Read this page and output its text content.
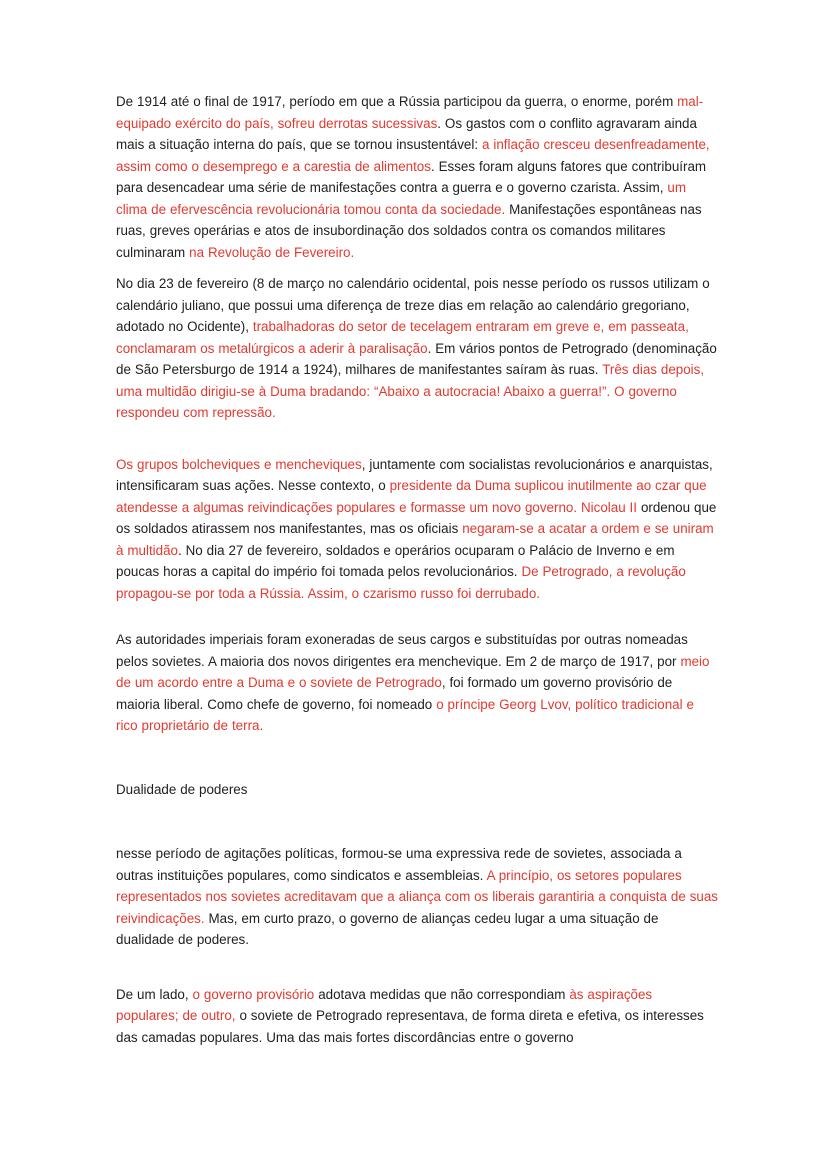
De 1914 até o final de 1917, período em que a Rússia participou da guerra, o enorme, porém mal-equipado exército do país, sofreu derrotas sucessivas. Os gastos com o conflito agravaram ainda mais a situação interna do país, que se tornou insustentável: a inflação cresceu desenfreadamente, assim como o desemprego e a carestia de alimentos. Esses foram alguns fatores que contribuíram para desencadear uma série de manifestações contra a guerra e o governo czarista. Assim, um clima de efervescência revolucionária tomou conta da sociedade. Manifestações espontâneas nas ruas, greves operárias e atos de insubordinação dos soldados contra os comandos militares culminaram na Revolução de Fevereiro.
No dia 23 de fevereiro (8 de março no calendário ocidental, pois nesse período os russos utilizam o calendário juliano, que possui uma diferença de treze dias em relação ao calendário gregoriano, adotado no Ocidente), trabalhadoras do setor de tecelagem entraram em greve e, em passeata, conclamaram os metalúrgicos a aderir à paralisação. Em vários pontos de Petrogrado (denominação de São Petersburgo de 1914 a 1924), milhares de manifestantes saíram às ruas. Três dias depois, uma multidão dirigiu-se à Duma bradando: “Abaixo a autocracia! Abaixo a guerra!”. O governo respondeu com repressão.
Os grupos bolcheviques e mencheviques, juntamente com socialistas revolucionários e anarquistas, intensificaram suas ações. Nesse contexto, o presidente da Duma suplicou inutilmente ao czar que atendesse a algumas reivindicações populares e formasse um novo governo. Nicolau II ordenou que os soldados atirassem nos manifestantes, mas os oficiais negaram-se a acatar a ordem e se uniram à multidão. No dia 27 de fevereiro, soldados e operários ocuparam o Palácio de Inverno e em poucas horas a capital do império foi tomada pelos revolucionários. De Petrogrado, a revolução propagou-se por toda a Rússia. Assim, o czarismo russo foi derrubado.
As autoridades imperiais foram exoneradas de seus cargos e substituídas por outras nomeadas pelos sovietes. A maioria dos novos dirigentes era menchevique. Em 2 de março de 1917, por meio de um acordo entre a Duma e o soviete de Petrogrado, foi formado um governo provisório de maioria liberal. Como chefe de governo, foi nomeado o príncipe Georg Lvov, político tradicional e rico proprietário de terra.
Dualidade de poderes
nesse período de agitações políticas, formou-se uma expressiva rede de sovietes, associada a outras instituições populares, como sindicatos e assembleias. A princípio, os setores populares representados nos sovietes acreditavam que a aliança com os liberais garantiria a conquista de suas reivindicações. Mas, em curto prazo, o governo de alianças cedeu lugar a uma situação de dualidade de poderes.
De um lado, o governo provisório adotava medidas que não correspondiam às aspirações populares; de outro, o soviete de Petrogrado representava, de forma direta e efetiva, os interesses das camadas populares. Uma das mais fortes discordâncias entre o governo
